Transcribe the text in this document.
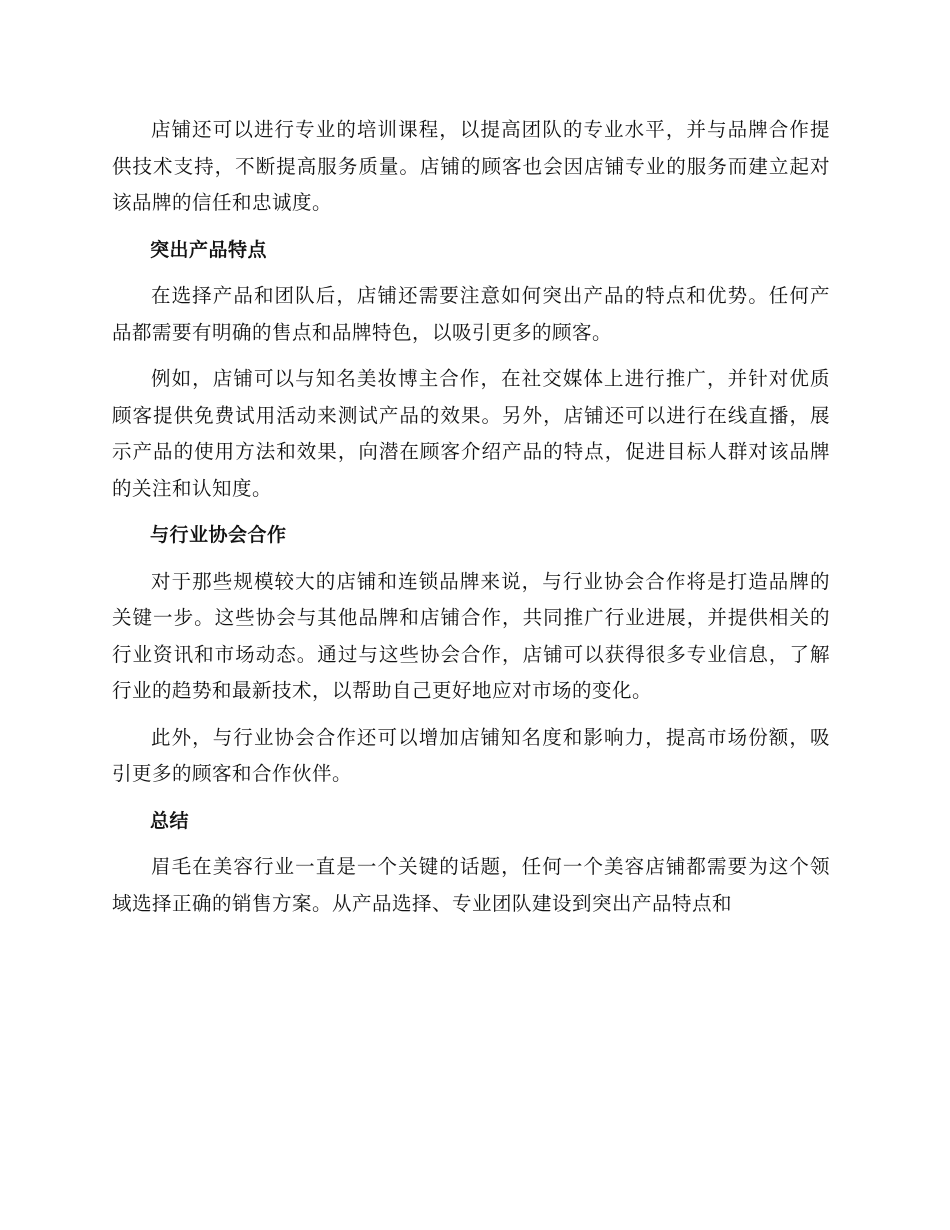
店铺还可以进行专业的培训课程，以提高团队的专业水平，并与品牌合作提供技术支持，不断提高服务质量。店铺的顾客也会因店铺专业的服务而建立起对该品牌的信任和忠诚度。

突出产品特点

在选择产品和团队后，店铺还需要注意如何突出产品的特点和优势。任何产品都需要有明确的售点和品牌特色，以吸引更多的顾客。

例如，店铺可以与知名美妆博主合作，在社交媒体上进行推广，并针对优质顾客提供免费试用活动来测试产品的效果。另外，店铺还可以进行在线直播，展示产品的使用方法和效果，向潜在顾客介绍产品的特点，促进目标人群对该品牌的关注和认知度。

与行业协会合作

对于那些规模较大的店铺和连锁品牌来说，与行业协会合作将是打造品牌的关键一步。这些协会与其他品牌和店铺合作，共同推广行业进展，并提供相关的行业资讯和市场动态。通过与这些协会合作，店铺可以获得很多专业信息，了解行业的趋势和最新技术，以帮助自己更好地应对市场的变化。

此外，与行业协会合作还可以增加店铺知名度和影响力，提高市场份额，吸引更多的顾客和合作伙伴。

总结

眉毛在美容行业一直是一个关键的话题，任何一个美容店铺都需要为这个领域选择正确的销售方案。从产品选择、专业团队建设到突出产品特点和
